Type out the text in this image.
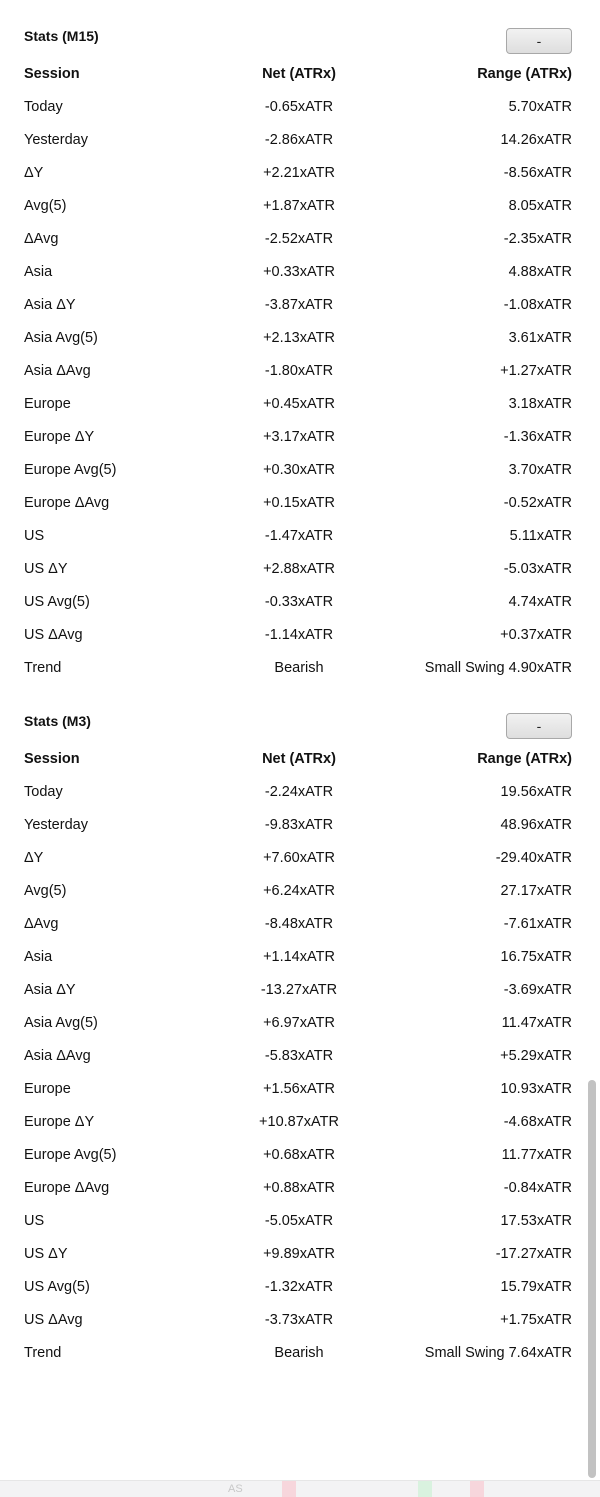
Stats (M15)	-
Session	Net (ATRx)	Range (ATRx)
Today	-0.65xATR	5.70xATR
Yesterday	-2.86xATR	14.26xATR
ΔY	+2.21xATR	-8.56xATR
Avg(5)	+1.87xATR	8.05xATR
ΔAvg	-2.52xATR	-2.35xATR
Asia	+0.33xATR	4.88xATR
Asia ΔY	-3.87xATR	-1.08xATR
Asia Avg(5)	+2.13xATR	3.61xATR
Asia ΔAvg	-1.80xATR	+1.27xATR
Europe	+0.45xATR	3.18xATR
Europe ΔY	+3.17xATR	-1.36xATR
Europe Avg(5)	+0.30xATR	3.70xATR
Europe ΔAvg	+0.15xATR	-0.52xATR
US	-1.47xATR	5.11xATR
US ΔY	+2.88xATR	-5.03xATR
US Avg(5)	-0.33xATR	4.74xATR
US ΔAvg	-1.14xATR	+0.37xATR
Trend	Bearish	Small Swing 4.90xATR
Stats (M3)	-
Session	Net (ATRx)	Range (ATRx)
Today	-2.24xATR	19.56xATR
Yesterday	-9.83xATR	48.96xATR
ΔY	+7.60xATR	-29.40xATR
Avg(5)	+6.24xATR	27.17xATR
ΔAvg	-8.48xATR	-7.61xATR
Asia	+1.14xATR	16.75xATR
Asia ΔY	-13.27xATR	-3.69xATR
Asia Avg(5)	+6.97xATR	11.47xATR
Asia ΔAvg	-5.83xATR	+5.29xATR
Europe	+1.56xATR	10.93xATR
Europe ΔY	+10.87xATR	-4.68xATR
Europe Avg(5)	+0.68xATR	11.77xATR
Europe ΔAvg	+0.88xATR	-0.84xATR
US	-5.05xATR	17.53xATR
US ΔY	+9.89xATR	-17.27xATR
US Avg(5)	-1.32xATR	15.79xATR
US ΔAvg	-3.73xATR	+1.75xATR
Trend	Bearish	Small Swing 7.64xATR
AS
